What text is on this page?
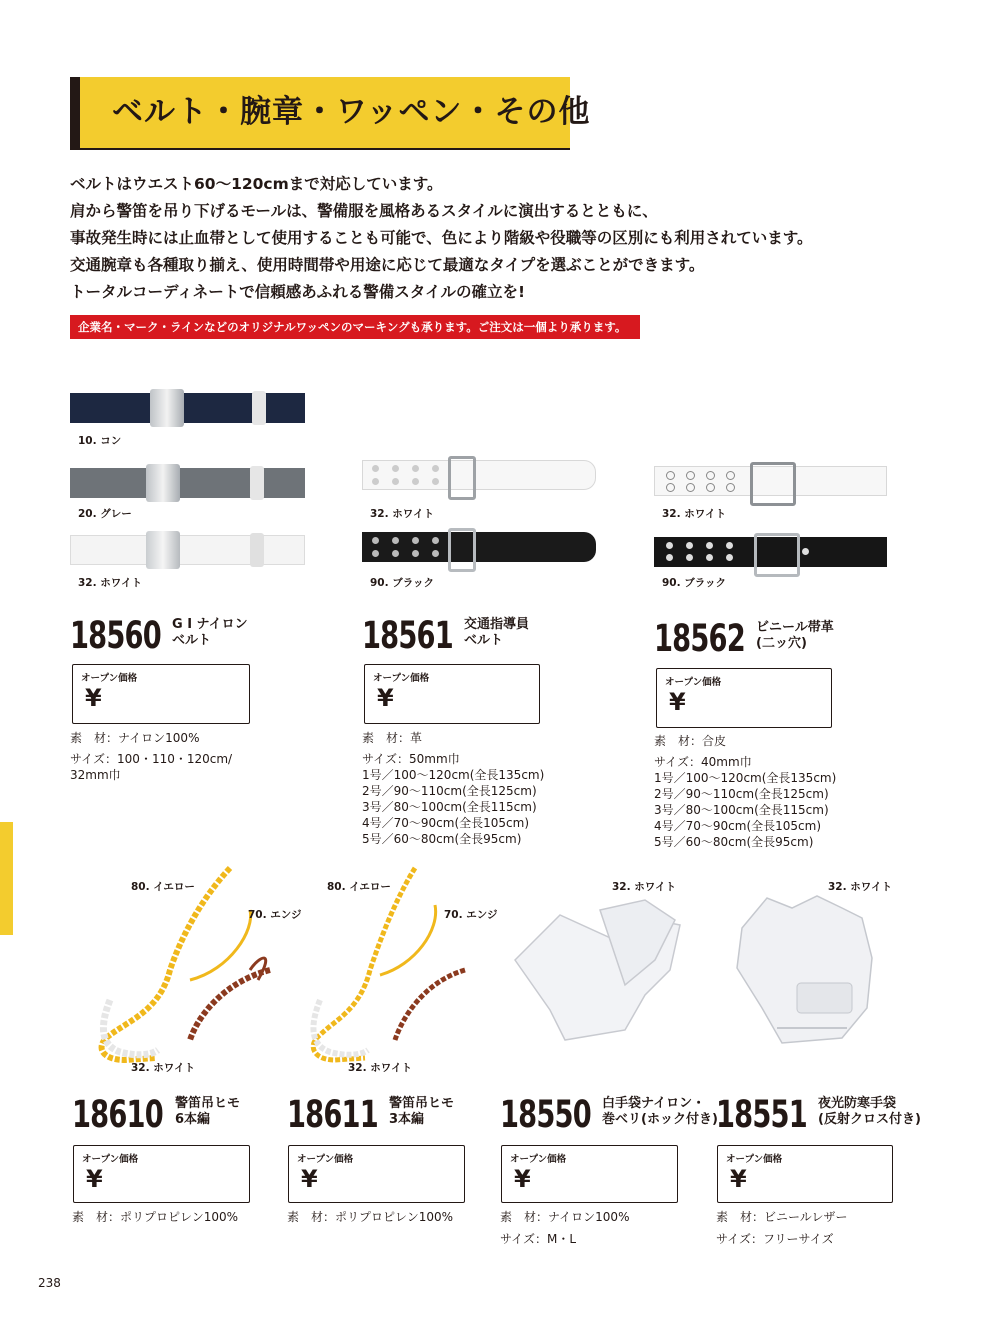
ベルト・腕章・ワッペン・その他
ベルトはウエスト60〜120cmまで対応しています。
肩から警笛を吊り下げるモールは、警備服を風格あるスタイルに演出するとともに、
事故発生時には止血帯として使用することも可能で、色により階級や役職等の区別にも利用されています。
交通腕章も各種取り揃え、使用時間帯や用途に応じて最適なタイプを選ぶことができます。
トータルコーディネートで信頼感あふれる警備スタイルの確立を!
企業名・マーク・ラインなどのオリジナルワッペンのマーキングも承ります。ご注文は一個より承ります。
10. コン
20. グレー
32. ホワイト
32. ホワイト
90. ブラック
32. ホワイト
90. ブラック
18560 G I ナイロン
ベルト
オープン価格
¥
素　材：ナイロン100%
サイズ：100・110・120cm/
32mm巾
18561 交通指導員
ベルト
オープン価格
¥
素　材：革
サイズ：50mm巾
1号／100〜120cm(全長135cm)
2号／90〜110cm(全長125cm)
3号／80〜100cm(全長115cm)
4号／70〜90cm(全長105cm)
5号／60〜80cm(全長95cm)
18562 ビニール帯革
(二ッ穴)
オープン価格
¥
素　材：合皮
サイズ：40mm巾
1号／100〜120cm(全長135cm)
2号／90〜110cm(全長125cm)
3号／80〜100cm(全長115cm)
4号／70〜90cm(全長105cm)
5号／60〜80cm(全長95cm)
80. イエロー
70. エンジ
32. ホワイト
80. イエロー
70. エンジ
32. ホワイト
32. ホワイト	32. ホワイト
18610 警笛吊ヒモ
6本編
オープン価格
¥
素　材：ポリプロピレン100%
18611 警笛吊ヒモ
3本編
オープン価格
¥
素　材：ポリプロピレン100%
18550 白手袋ナイロン・
巻ベリ(ホック付き)
オープン価格
¥
素　材：ナイロン100%
サイズ：M・L
18551 夜光防寒手袋
(反射クロス付き)
オープン価格
¥
素　材：ビニールレザー
サイズ：フリーサイズ
238
